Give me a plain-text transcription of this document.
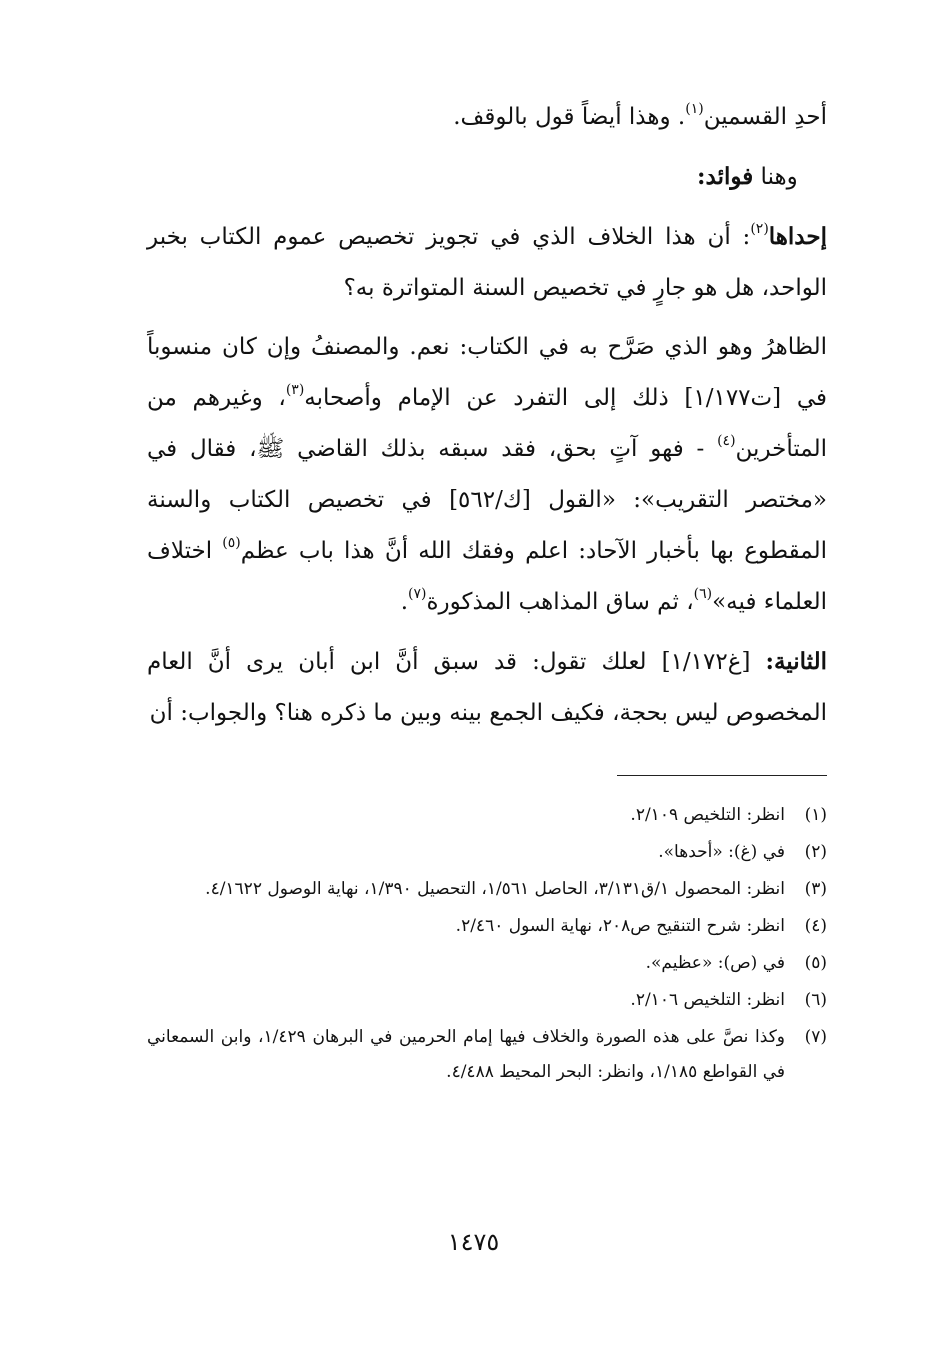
أحدِ القسمين$^{(١)}$. وهذا أيضاً قول بالوقف.

وهنا فوائد:

إحداها$^{(٢)}$: أن هذا الخلاف الذي في تجويز تخصيص عموم الكتاب بخبر الواحد، هل هو جارٍ في تخصيص السنة المتواترة به؟

الظاهرُ وهو الذي صَرَّح به في الكتاب: نعم. والمصنفُ وإن كان منسوباً في [ت١/١٧٧] ذلك إلى التفرد عن الإمام وأصحابه$^{(٣)}$، وغيرهم من المتأخرين$^{(٤)}$ - فهو آتٍ بحق، فقد سبقه بذلك القاضي ﷺ، فقال في «مختصر التقريب»: «القول [ك/٥٦٢] في تخصيص الكتاب والسنة المقطوع بها بأخبار الآحاد: اعلم وفقك الله أنَّ هذا باب عظم$^{(٥)}$ اختلاف العلماء فيه»$^{(٦)}$، ثم ساق المذاهب المذكورة$^{(٧)}$.

الثانية: [غ١/١٧٢] لعلك تقول: قد سبق أنَّ ابن أبان يرى أنَّ العام المخصوص ليس بحجة، فكيف الجمع بينه وبين ما ذكره هنا؟ والجواب: أن

(١)
انظر: التلخيص ٢/١٠٩.
(٢)
في (غ): «أحدها».
(٣)
انظر: المحصول ١/ق٣/١٣١، الحاصل ١/٥٦١، التحصيل ١/٣٩٠، نهاية الوصول ٤/١٦٢٢.
(٤)
انظر: شرح التنقيح ص٢٠٨، نهاية السول ٢/٤٦٠.
(٥)
في (ص): «عظيم».
(٦)
انظر: التلخيص ٢/١٠٦.
(٧)
وكذا نصَّ على هذه الصورة والخلاف فيها إمام الحرمين في البرهان ١/٤٢٩، وابن السمعاني في القواطع ١/١٨٥، وانظر: البحر المحيط ٤/٤٨٨.
١٤٧٥
